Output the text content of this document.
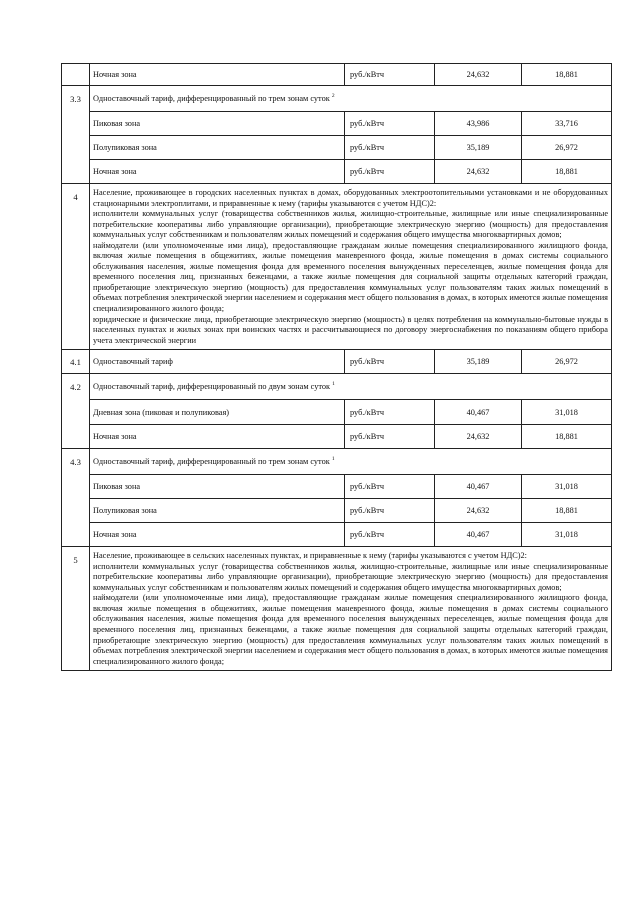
	Ночная зона	руб./кВтч	24,632	18,881
3.3	Одноставочный тариф, дифференцированный по трем зонам суток $^2$
	Пиковая зона	руб./кВтч	43,986	33,716
	Полупиковая зона	руб./кВтч	35,189	26,972
	Ночная зона	руб./кВтч	24,632	18,881
4	Население, проживающее в городских населенных пунктах в домах, оборудованных электроотопительными установками и не оборудованных стационарными электроплитами, и приравненные к нему (тарифы указываются с учетом НДС)2:

исполнители коммунальных услуг (товарищества собственников жилья, жилищно-строительные, жилищные или иные специализированные потребительские кооперативы либо управляющие организации), приобретающие электрическую энергию (мощность) для предоставления коммунальных услуг собственникам и пользователям жилых помещений и содержания общего имущества многоквартирных домов;

наймодатели (или уполномоченные ими лица), предоставляющие гражданам жилые помещения специализированного жилищного фонда, включая жилые помещения в общежитиях, жилые помещения маневренного фонда, жилые помещения в домах системы социального обслуживания населения, жилые помещения фонда для временного поселения вынужденных переселенцев, жилые помещения фонда для временного поселения лиц, признанных беженцами, а также жилые помещения для социальной защиты отдельных категорий граждан, приобретающие электрическую энергию (мощность) для предоставления коммунальных услуг пользователям таких жилых помещений в объемах потребления электрической энергии населением и содержания мест общего пользования в домах, в которых имеются жилые помещения специализированного жилого фонда;

юридические и физические лица, приобретающие электрическую энергию (мощность) в целях потребления на коммунально-бытовые нужды в населенных пунктах и жилых зонах при воинских частях и рассчитывающиеся по договору энергоснабжения по показаниям общего прибора учета электрической энергии			

4.1	Одноставочный тариф	руб./кВтч	35,189	26,972
4.2	Одноставочный тариф, дифференцированный по двум зонам суток $^1$
	Дневная зона (пиковая и полупиковая)	руб./кВтч	40,467	31,018
	Ночная зона	руб./кВтч	24,632	18,881
4.3	Одноставочный тариф, дифференцированный по трем зонам суток $^1$
	Пиковая зона	руб./кВтч	40,467	31,018
	Полупиковая зона	руб./кВтч	24,632	18,881
	Ночная зона	руб./кВтч	40,467	31,018
5	Население, проживающее в сельских населенных пунктах, и приравненные к нему (тарифы указываются с учетом НДС)2:

исполнители коммунальных услуг (товарищества собственников жилья, жилищно-строительные, жилищные или иные специализированные потребительские кооперативы либо управляющие организации), приобретающие электрическую энергию (мощность) для предоставления коммунальных услуг собственникам и пользователям жилых помещений и содержания общего имущества многоквартирных домов;

наймодатели (или уполномоченные ими лица), предоставляющие гражданам жилые помещения специализированного жилищного фонда, включая жилые помещения в общежитиях, жилые помещения маневренного фонда, жилые помещения в домах системы социального обслуживания населения, жилые помещения фонда для временного поселения вынужденных переселенцев, жилые помещения фонда для временного поселения лиц, признанных беженцами, а также жилые помещения для социальной защиты отдельных категорий граждан, приобретающие электрическую энергию (мощность) для предоставления коммунальных услуг пользователям таких жилых помещений в объемах потребления электрической энергии населением и содержания мест общего пользования в домах, в которых имеются жилые помещения специализированного жилого фонда;			
